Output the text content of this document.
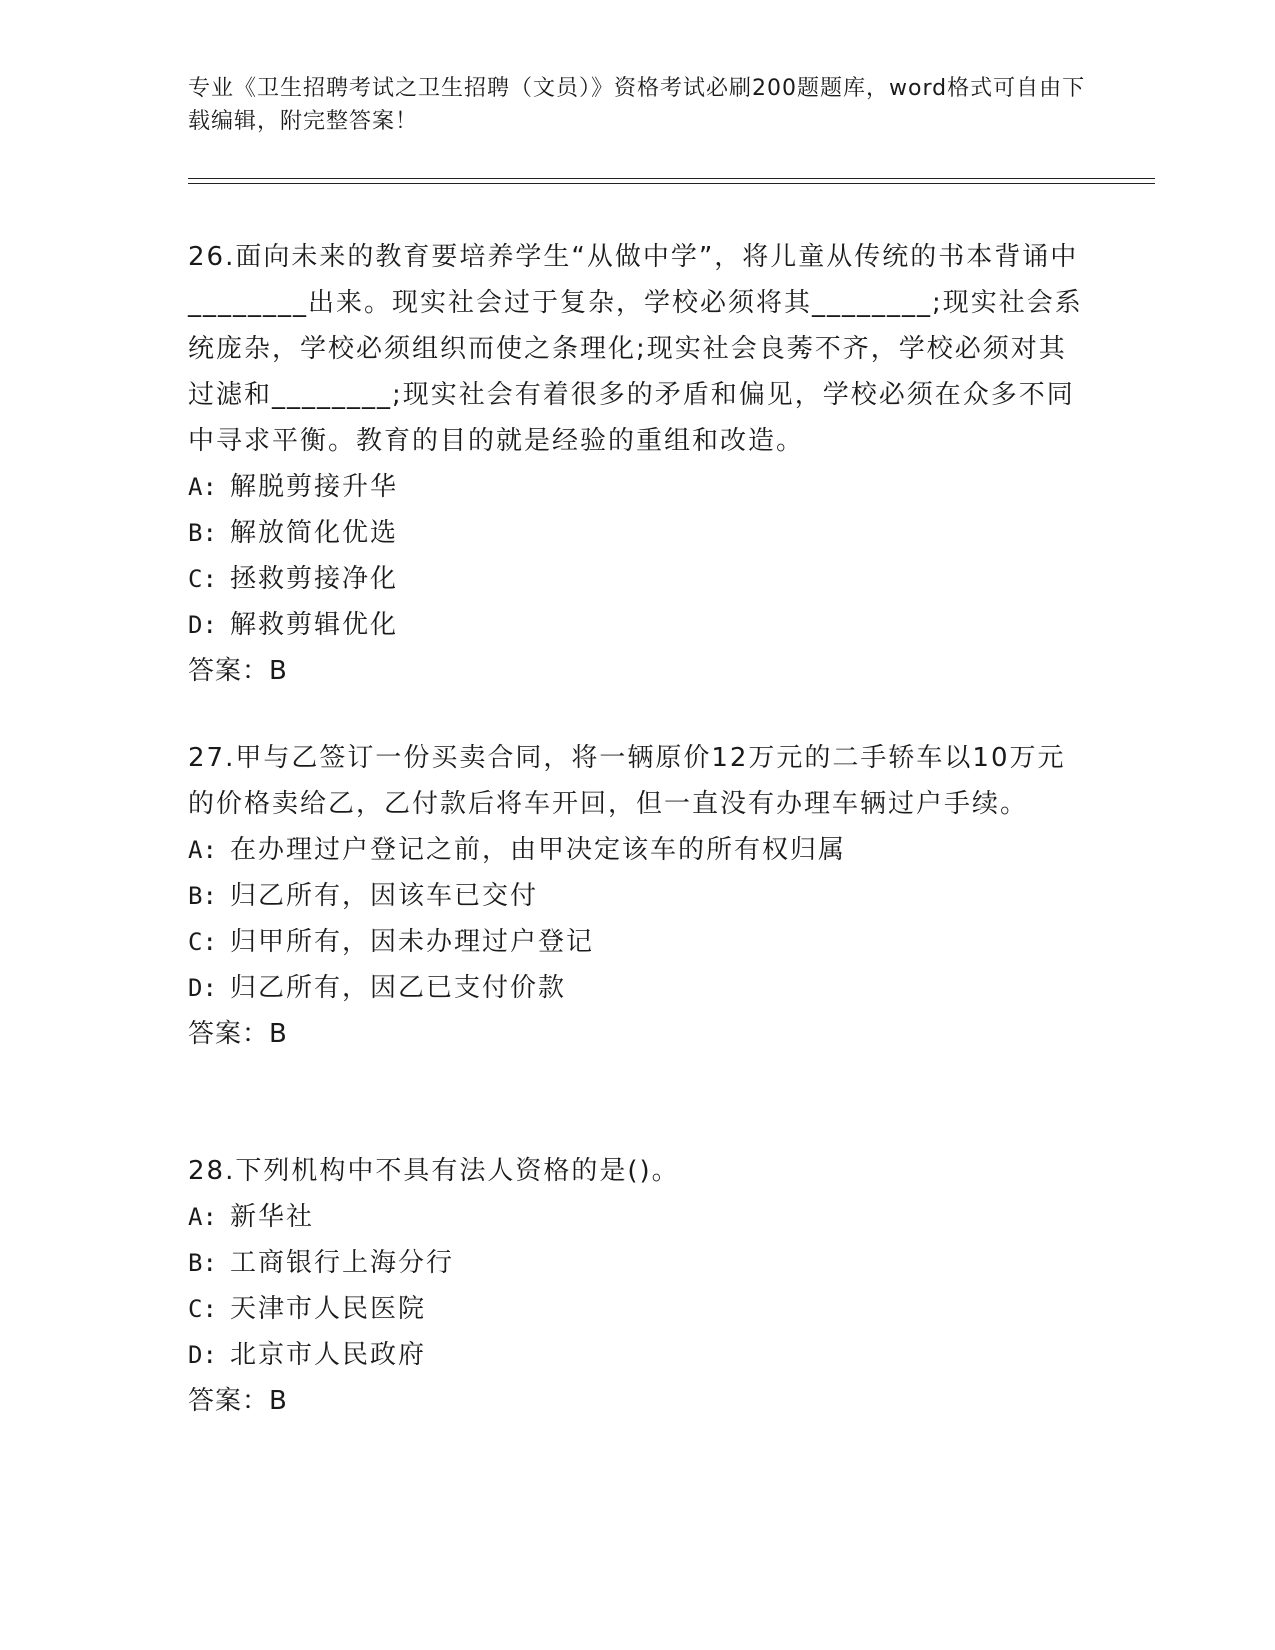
专业《卫生招聘考试之卫生招聘（文员）》资格考试必刷200题题库，word格式可自由下载编辑，附完整答案！

26.面向未来的教育要培养学生“从做中学”，将儿童从传统的书本背诵中________出来。现实社会过于复杂，学校必须将其________;现实社会系统庞杂，学校必须组织而使之条理化;现实社会良莠不齐，学校必须对其过滤和________;现实社会有着很多的矛盾和偏见，学校必须在众多不同中寻求平衡。教育的目的就是经验的重组和改造。

A: 解脱剪接升华

B: 解放简化优选

C: 拯救剪接净化

D: 解救剪辑优化

答案：B

27.甲与乙签订一份买卖合同，将一辆原价12万元的二手轿车以10万元的价格卖给乙，乙付款后将车开回，但一直没有办理车辆过户手续。

A: 在办理过户登记之前，由甲决定该车的所有权归属

B: 归乙所有，因该车已交付

C: 归甲所有，因未办理过户登记

D: 归乙所有，因乙已支付价款

答案：B

28.下列机构中不具有法人资格的是()。

A: 新华社

B: 工商银行上海分行

C: 天津市人民医院

D: 北京市人民政府

答案：B
